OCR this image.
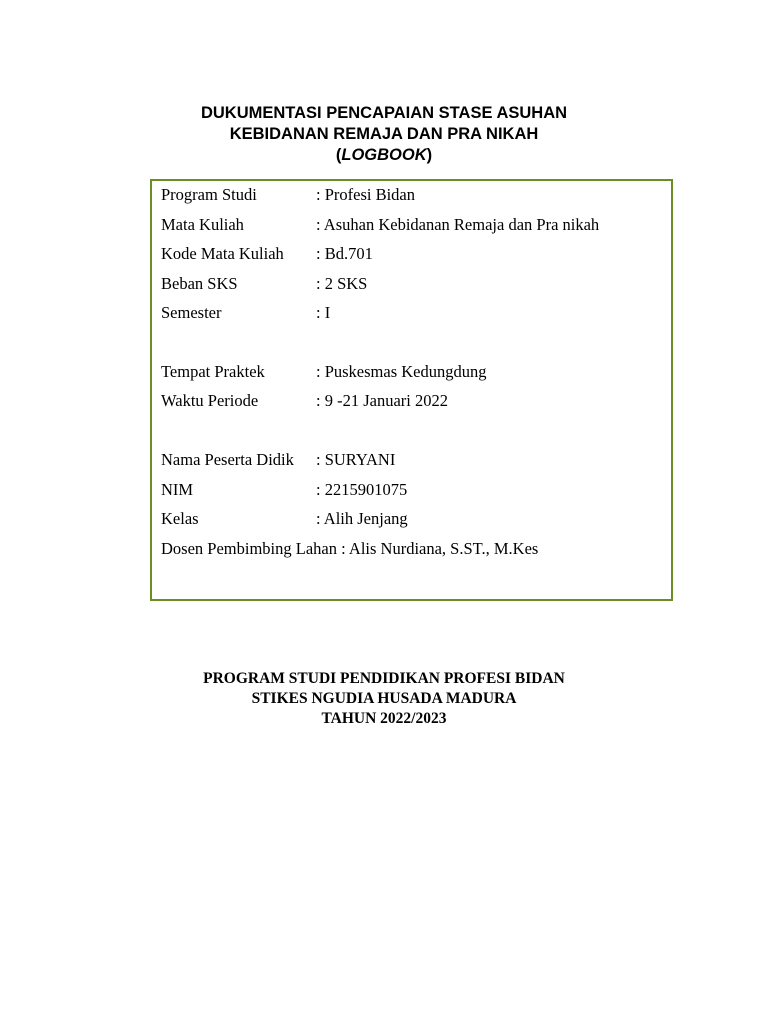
DUKUMENTASI PENCAPAIAN STASE ASUHAN
KEBIDANAN REMAJA DAN PRA NIKAH
(LOGBOOK)
Program Studi	: Profesi Bidan
Mata Kuliah	: Asuhan Kebidanan Remaja dan Pra nikah
Kode Mata Kuliah : Bd.701
Beban SKS	: 2 SKS
Semester	: I
Tempat Praktek	: Puskesmas Kedungdung
Waktu Periode	: 9 -21 Januari 2022
Nama Peserta Didik : SURYANI
NIM	: 2215901075
Kelas	: Alih Jenjang
Dosen Pembimbing Lahan : Alis Nurdiana, S.ST., M.Kes
PROGRAM STUDI PENDIDIKAN PROFESI BIDAN
STIKES NGUDIA HUSADA MADURA
TAHUN 2022/2023
